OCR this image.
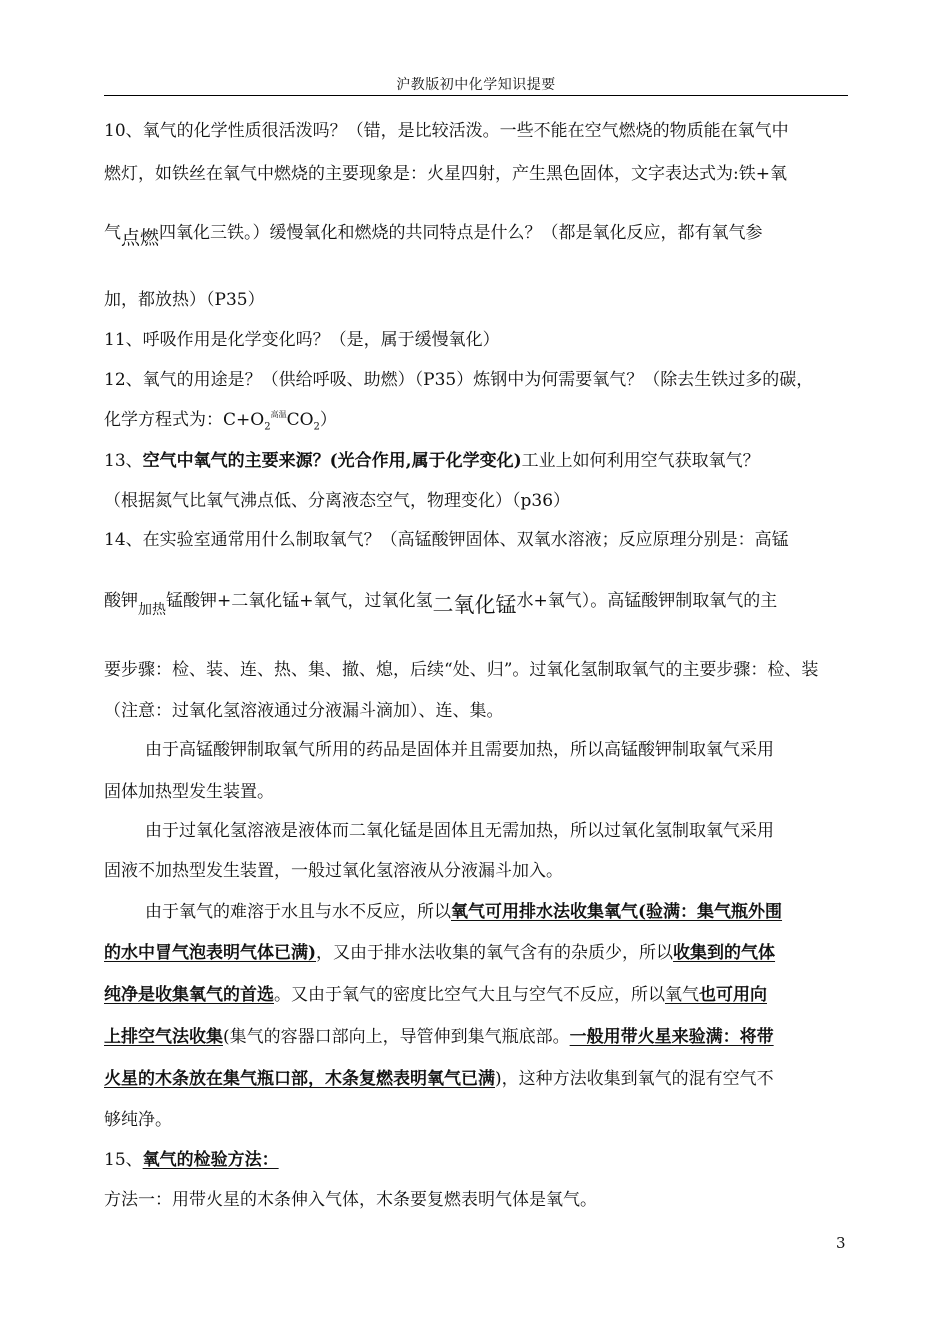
沪教版初中化学知识提要
10、氧气的化学性质很活泼吗？（错，是比较活泼。一些不能在空气燃烧的物质能在氧气中
燃灯，如铁丝在氧气中燃烧的主要现象是：火星四射，产生黑色固体，文字表达式为:铁+氧
气点燃四氧化三铁。）缓慢氧化和燃烧的共同特点是什么？（都是氧化反应，都有氧气参
加，都放热）（P35）
11、呼吸作用是化学变化吗？（是，属于缓慢氧化）
12、氧气的用途是？（供给呼吸、助燃）（P35）炼钢中为何需要氧气？（除去生铁过多的碳，
化学方程式为：$C+O_2^{高温}CO_2$）
13、空气中氧气的主要来源？(光合作用,属于化学变化)工业上如何利用空气获取氧气？
（根据氮气比氧气沸点低、分离液态空气，物理变化）（p36）
14、在实验室通常用什么制取氧气？（高锰酸钾固体、双氧水溶液；反应原理分别是：高锰
酸钾$_{加热}$锰酸钾+二氧化锰+氧气，过氧化氢二氧化锰水+氧气）。高锰酸钾制取氧气的主
要步骤：检、装、连、热、集、撤、熄，后续“处、归”。过氧化氢制取氧气的主要步骤：检、装
（注意：过氧化氢溶液通过分液漏斗滴加）、连、集。
由于高锰酸钾制取氧气所用的药品是固体并且需要加热，所以高锰酸钾制取氧气采用
固体加热型发生装置。
由于过氧化氢溶液是液体而二氧化锰是固体且无需加热，所以过氧化氢制取氧气采用
固液不加热型发生装置，一般过氧化氢溶液从分液漏斗加入。
由于氧气的难溶于水且与水不反应，所以氧气可用排水法收集氧气(验满：集气瓶外围
的水中冒气泡表明气体已满)，又由于排水法收集的氧气含有的杂质少，所以收集到的气体
纯净是收集氧气的首选。又由于氧气的密度比空气大且与空气不反应，所以氧气也可用向
上排空气法收集(集气的容器口部向上，导管伸到集气瓶底部。一般用带火星来验满：将带
火星的木条放在集气瓶口部，木条复燃表明氧气已满)，这种方法收集到氧气的混有空气不
够纯净。
15、氧气的检验方法：
方法一：用带火星的木条伸入气体，木条要复燃表明气体是氧气。
3
